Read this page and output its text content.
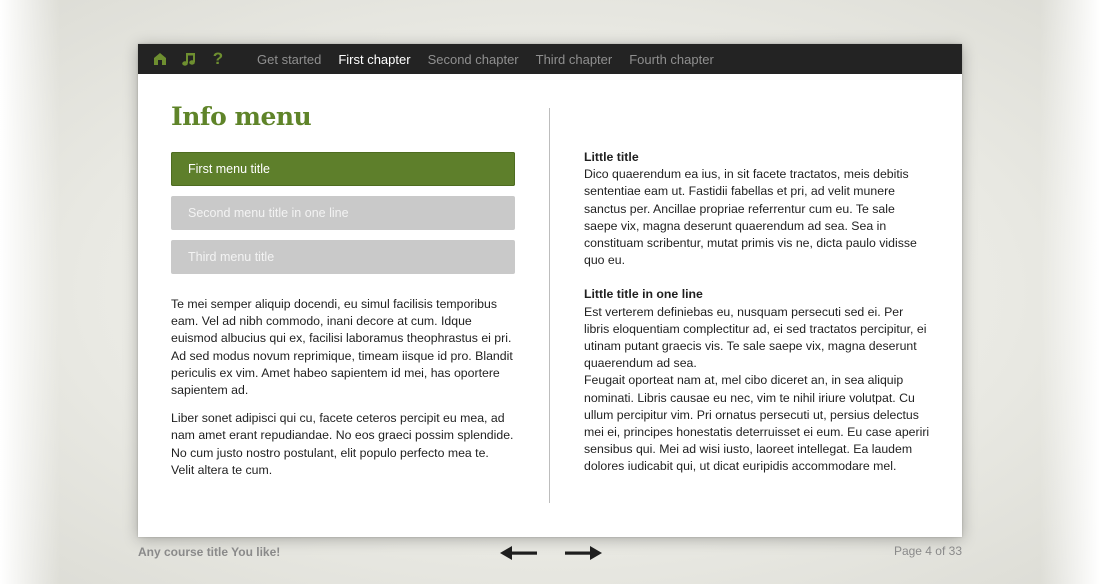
?	Get started First chapter Second chapter Third chapter Fourth chapter
Info menu
First menu title
Second menu title in one line
Third menu title

Te mei semper aliquip docendi, eu simul facilisis temporibus eam. Vel ad nibh commodo, inani decore at cum. Idque euismod albucius qui ex, facilisi laboramus theophrastus ei pri. Ad sed modus novum reprimique, timeam iisque id pro. Blandit periculis ex vim. Amet habeo sapientem id mei, has oportere sapientem ad.

Liber sonet adipisci qui cu, facete ceteros percipit eu mea, ad nam amet erant repudiandae. No eos graeci possim splendide. No cum justo nostro postulant, elit populo perfecto mea te. Velit altera te cum.

Little title

Dico quaerendum ea ius, in sit facete tractatos, meis debitis sententiae eam ut. Fastidii fabellas et pri, ad velit munere sanctus per. Ancillae propriae referrentur cum eu. Te sale saepe vix, magna deserunt quaerendum ad sea. Sea in constituam scribentur, mutat primis vis ne, dicta paulo vidisse quo eu.

Little title in one line

Est verterem definiebas eu, nusquam persecuti sed ei. Per libris eloquentiam complectitur ad, ei sed tractatos percipitur, ei utinam putant graecis vis. Te sale saepe vix, magna deserunt quaerendum ad sea.

Feugait oporteat nam at, mel cibo diceret an, in sea aliquip nominati. Libris causae eu nec, vim te nihil iriure volutpat. Cu ullum percipitur vim. Pri ornatus persecuti ut, persius delectus mei ei, principes honestatis deterruisset ei eum. Eu case aperiri sensibus qui. Mei ad wisi iusto, laoreet intellegat. Ea laudem dolores iudicabit qui, ut dicat euripidis accommodare mel.

Any course title You like!	Page 4 of 33
